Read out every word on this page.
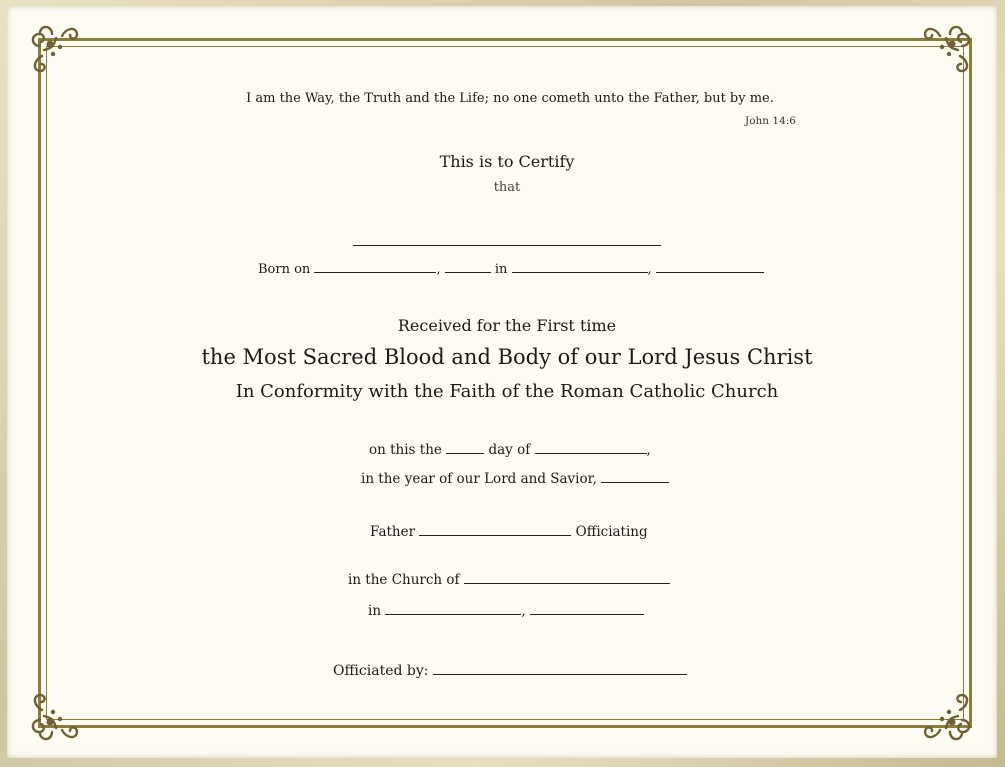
I am the Way, the Truth and the Life; no one cometh unto the Father, but by me.
John 14:6
This is to Certify
that
Born on	,	in	,
Received for the First time
the Most Sacred Blood and Body of our Lord Jesus Christ
In Conformity with the Faith of the Roman Catholic Church
on this the	day of	,
in the year of our Lord and Savior,
Father	Officiating
in the Church of
in	,
Officiated by:
